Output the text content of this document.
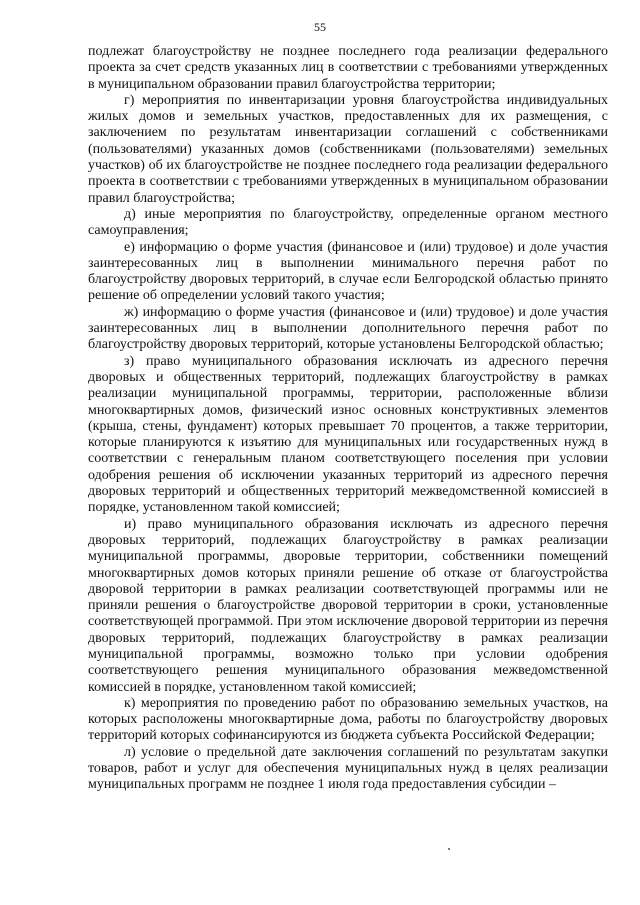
55

подлежат благоустройству не позднее последнего года реализации федерального проекта за счет средств указанных лиц в соответствии с требованиями утвержденных в муниципальном образовании правил благоустройства территории;

г) мероприятия по инвентаризации уровня благоустройства индивидуальных жилых домов и земельных участков, предоставленных для их размещения, с заключением по результатам инвентаризации соглашений с собственниками (пользователями) указанных домов (собственниками (пользователями) земельных участков) об их благоустройстве не позднее последнего года реализации федерального проекта в соответствии с требованиями утвержденных в муниципальном образовании правил благоустройства;

д) иные мероприятия по благоустройству, определенные органом местного самоуправления;

е) информацию о форме участия (финансовое и (или) трудовое) и доле участия заинтересованных лиц в выполнении минимального перечня работ по благоустройству дворовых территорий, в случае если Белгородской областью принято решение об определении условий такого участия;

ж) информацию о форме участия (финансовое и (или) трудовое) и доле участия заинтересованных лиц в выполнении дополнительного перечня работ по благоустройству дворовых территорий, которые установлены Белгородской областью;

з) право муниципального образования исключать из адресного перечня дворовых и общественных территорий, подлежащих благоустройству в рамках реализации муниципальной программы, территории, расположенные вблизи многоквартирных домов, физический износ основных конструктивных элементов (крыша, стены, фундамент) которых превышает 70 процентов, а также территории, которые планируются к изъятию для муниципальных или государственных нужд в соответствии с генеральным планом соответствующего поселения при условии одобрения решения об исключении указанных территорий из адресного перечня дворовых территорий и общественных территорий межведомственной комиссией в порядке, установленном такой комиссией;

и) право муниципального образования исключать из адресного перечня дворовых территорий, подлежащих благоустройству в рамках реализации муниципальной программы, дворовые территории, собственники помещений многоквартирных домов которых приняли решение об отказе от благоустройства дворовой территории в рамках реализации соответствующей программы или не приняли решения о благоустройстве дворовой территории в сроки, установленные соответствующей программой. При этом исключение дворовой территории из перечня дворовых территорий, подлежащих благоустройству в рамках реализации муниципальной программы, возможно только при условии одобрения соответствующего решения муниципального образования межведомственной комиссией в порядке, установленном такой комиссией;

к) мероприятия по проведению работ по образованию земельных участков, на которых расположены многоквартирные дома, работы по благоустройству дворовых территорий которых софинансируются из бюджета субъекта Российской Федерации;

л) условие о предельной дате заключения соглашений по результатам закупки товаров, работ и услуг для обеспечения муниципальных нужд в целях реализации муниципальных программ не позднее 1 июля года предоставления субсидии –
